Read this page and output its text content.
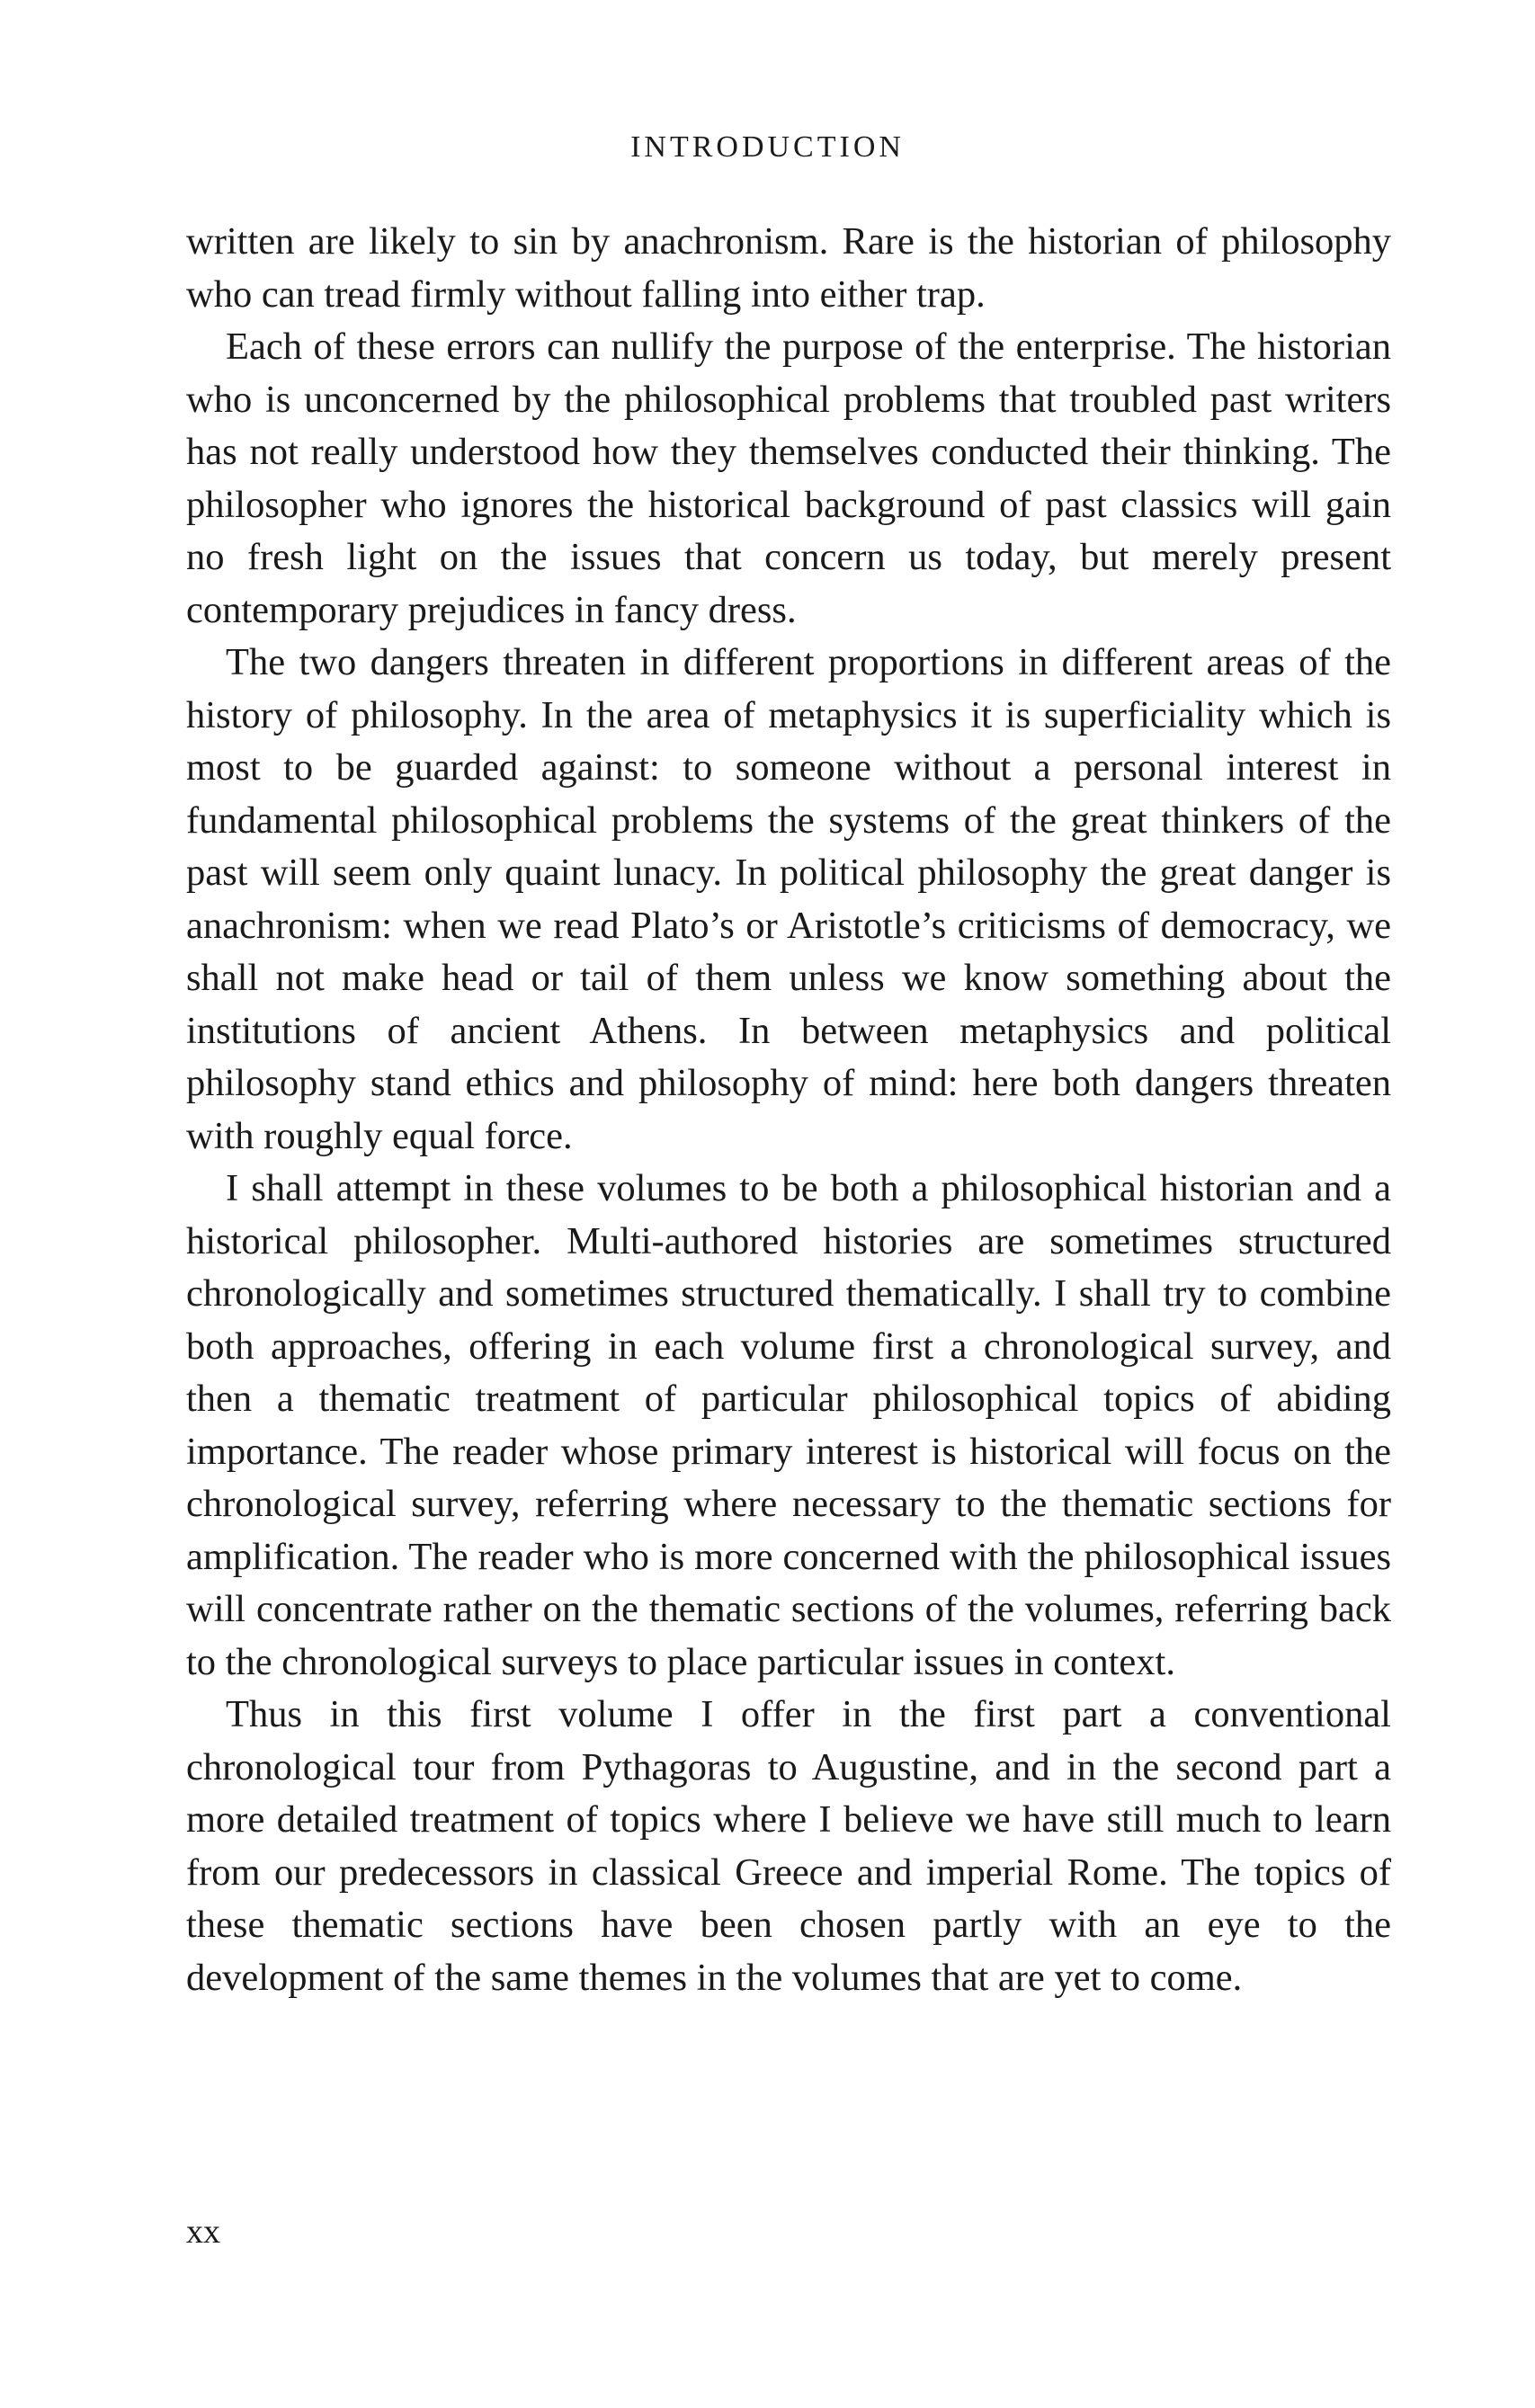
INTRODUCTION

written are likely to sin by anachronism. Rare is the historian of philosophy who can tread firmly without falling into either trap.

Each of these errors can nullify the purpose of the enterprise. The historian who is unconcerned by the philosophical problems that troubled past writers has not really understood how they themselves conducted their thinking. The philosopher who ignores the historical background of past classics will gain no fresh light on the issues that concern us today, but merely present contemporary prejudices in fancy dress.

The two dangers threaten in different proportions in different areas of the history of philosophy. In the area of metaphysics it is superficiality which is most to be guarded against: to someone without a personal interest in fundamental philosophical problems the systems of the great thinkers of the past will seem only quaint lunacy. In political philosophy the great danger is anachronism: when we read Plato’s or Aristotle’s criticisms of democracy, we shall not make head or tail of them unless we know something about the institutions of ancient Athens. In between metaphysics and political philosophy stand ethics and philosophy of mind: here both dangers threaten with roughly equal force.

I shall attempt in these volumes to be both a philosophical historian and a historical philosopher. Multi-authored histories are sometimes structured chronologically and sometimes structured thematically. I shall try to combine both approaches, offering in each volume first a chronological survey, and then a thematic treatment of particular philosophical topics of abiding importance. The reader whose primary interest is historical will focus on the chronological survey, referring where necessary to the thematic sections for amplification. The reader who is more concerned with the philosophical issues will concentrate rather on the thematic sections of the volumes, referring back to the chronological surveys to place particular issues in context.

Thus in this first volume I offer in the first part a conventional chronological tour from Pythagoras to Augustine, and in the second part a more detailed treatment of topics where I believe we have still much to learn from our predecessors in classical Greece and imperial Rome. The topics of these thematic sections have been chosen partly with an eye to the development of the same themes in the volumes that are yet to come.

xx
